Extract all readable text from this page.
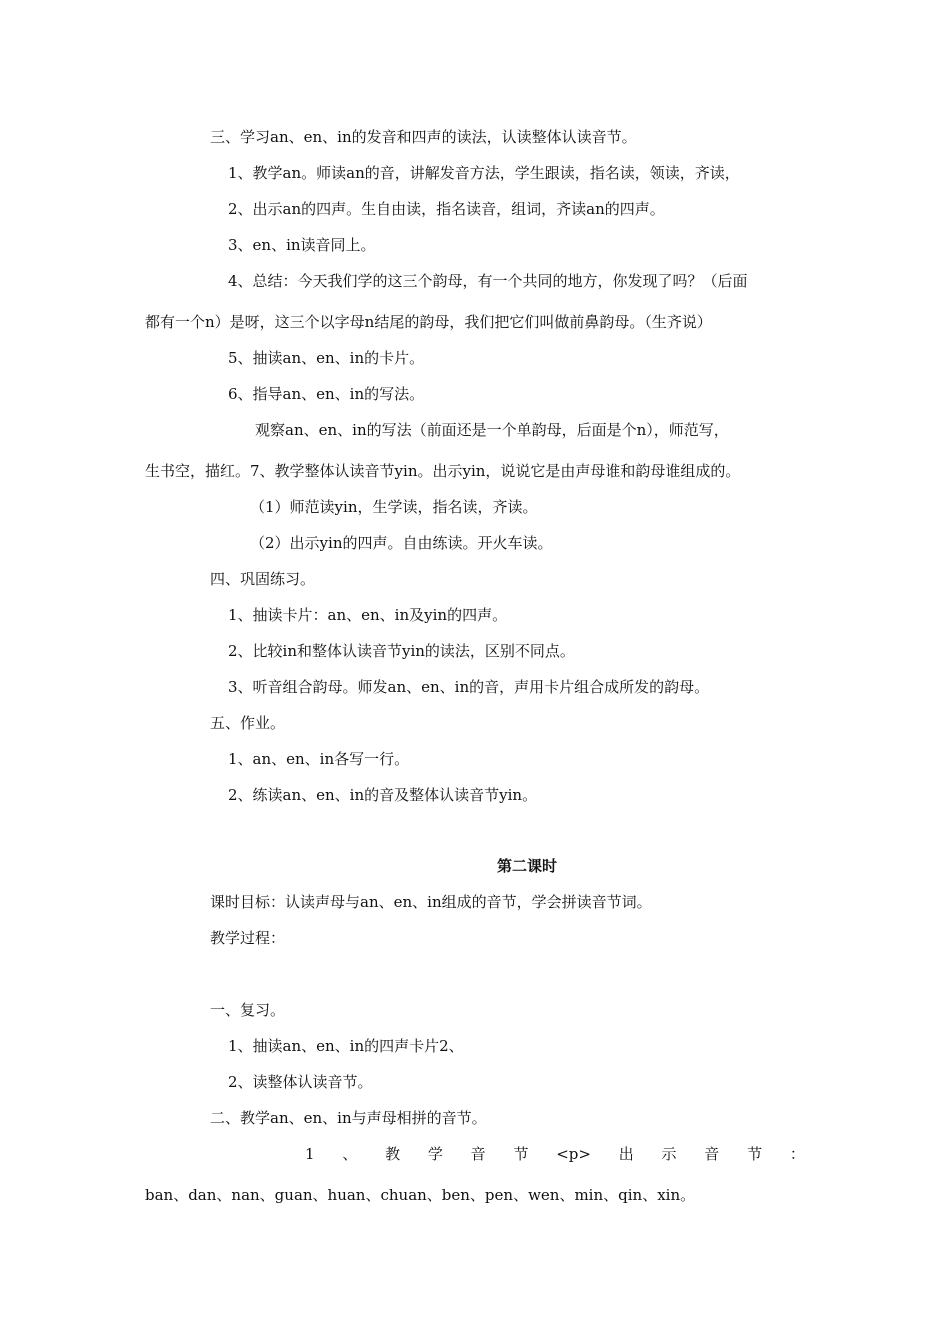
三、学习an、en、in的发音和四声的读法，认读整体认读音节。

1、教学an。师读an的音，讲解发音方法，学生跟读，指名读，领读，齐读，

2、出示an的四声。生自由读，指名读音，组词，齐读an的四声。

3、en、in读音同上。

4、总结：今天我们学的这三个韵母，有一个共同的地方，你发现了吗？（后面

都有一个n）是呀，这三个以字母n结尾的韵母，我们把它们叫做前鼻韵母。（生齐说）

5、抽读an、en、in的卡片。

6、指导an、en、in的写法。

观察an、en、in的写法（前面还是一个单韵母，后面是个n），师范写，

生书空，描红。7、教学整体认读音节yin。出示yin，说说它是由声母谁和韵母谁组成的。

（1）师范读yin，生学读，指名读，齐读。

（2）出示yin的四声。自由练读。开火车读。

四、巩固练习。

1、抽读卡片：an、en、in及yin的四声。

2、比较in和整体认读音节yin的读法，区别不同点。

3、听音组合韵母。师发an、en、in的音，声用卡片组合成所发的韵母。

五、作业。

1、an、en、in各写一行。

2、练读an、en、in的音及整体认读音节yin。

第二课时

课时目标：认读声母与an、en、in组成的音节，学会拼读音节词。

教学过程：

一、复习。

1、抽读an、en、in的四声卡片2、

2、读整体认读音节。

二、教学an、en、in与声母相拼的音节。

1 、 教 学 音 节 <p> 出 示 音 节 ：

ban、dan、nan、guan、huan、chuan、ben、pen、wen、min、qin、xin。
